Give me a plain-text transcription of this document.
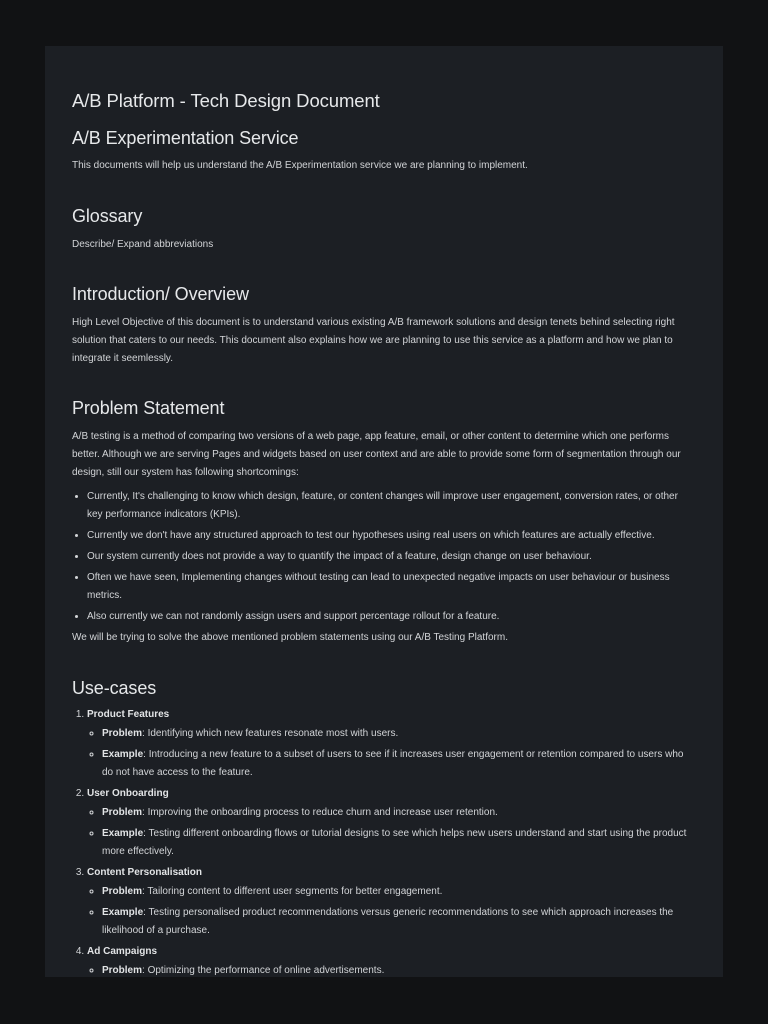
A/B Platform - Tech Design Document
A/B Experimentation Service

This documents will help us understand the A/B Experimentation service we are planning to implement.

Glossary

Describe/ Expand abbreviations

Introduction/ Overview

High Level Objective of this document is to understand various existing A/B framework solutions and design tenets behind selecting right solution that caters to our needs. This document also explains how we are planning to use this service as a platform and how we plan to integrate it seemlessly.

Problem Statement

A/B testing is a method of comparing two versions of a web page, app feature, email, or other content to determine which one performs better. Although we are serving Pages and widgets based on user context and are able to provide some form of segmentation through our design, still our system has following shortcomings:

• Currently, It's challenging to know which design, feature, or content changes will improve user engagement, conversion rates, or other key performance indicators (KPIs).
• Currently we don't have any structured approach to test our hypotheses using real users on which features are actually effective.
• Our system currently does not provide a way to quantify the impact of a feature, design change on user behaviour.
• Often we have seen, Implementing changes without testing can lead to unexpected negative impacts on user behaviour or business metrics.
• Also currently we can not randomly assign users and support percentage rollout for a feature.

We will be trying to solve the above mentioned problem statements using our A/B Testing Platform.

Use-cases
1. Product Features
◦ Problem: Identifying which new features resonate most with users.
◦ Example: Introducing a new feature to a subset of users to see if it increases user engagement or retention compared to users who do not have access to the feature.
2. User Onboarding
◦ Problem: Improving the onboarding process to reduce churn and increase user retention.
◦ Example: Testing different onboarding flows or tutorial designs to see which helps new users understand and start using the product more effectively.
3. Content Personalisation
◦ Problem: Tailoring content to different user segments for better engagement.
◦ Example: Testing personalised product recommendations versus generic recommendations to see which approach increases the likelihood of a purchase.
4. Ad Campaigns
◦ Problem: Optimizing the performance of online advertisements.
